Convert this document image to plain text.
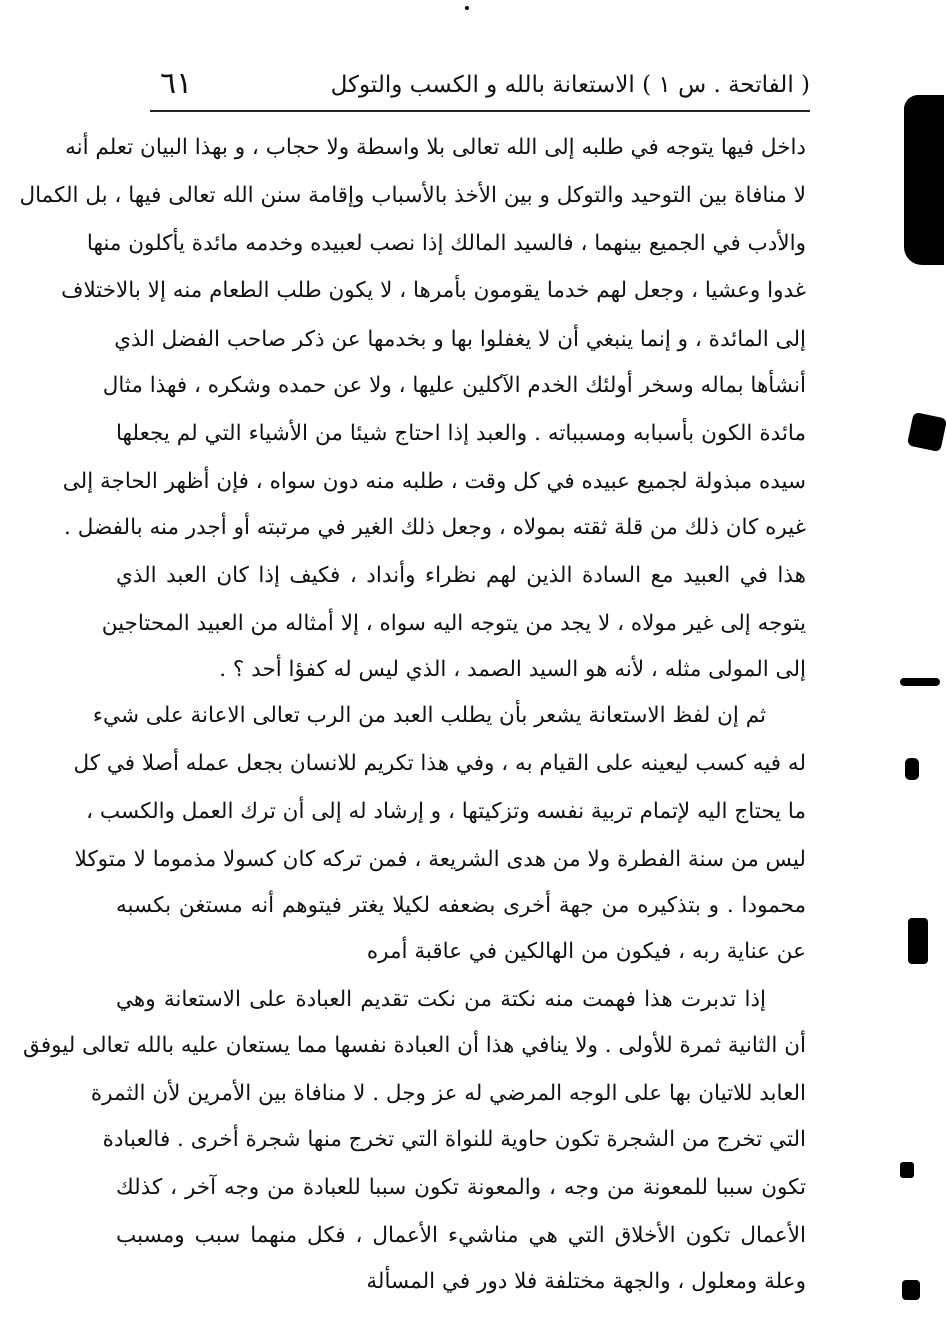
( الفاتحة . س ١ ) الاستعانة بالله و الكسب والتوكل
٦١
داخل فيها يتوجه في طلبه إلى الله تعالى بلا واسطة ولا حجاب ، و بهذا البيان تعلم أنه
لا منافاة بين التوحيد والتوكل و بين الأخذ بالأسباب وإقامة سنن الله تعالى فيها ، بل الكمال
والأدب في الجميع بينهما ، فالسيد المالك إذا نصب لعبيده وخدمه مائدة يأكلون منها
غدوا وعشيا ، وجعل لهم خدما يقومون بأمرها ، لا يكون طلب الطعام منه إلا بالاختلاف
إلى المائدة ، و إنما ينبغي أن لا يغفلوا بها و بخدمها عن ذكر صاحب الفضل الذي
أنشأها بماله وسخر أولئك الخدم الآكلين عليها ، ولا عن حمده وشكره ، فهذا مثال
مائدة الكون بأسبابه ومسبباته . والعبد إذا احتاج شيئا من الأشياء التي لم يجعلها
سيده مبذولة لجميع عبيده في كل وقت ، طلبه منه دون سواه ، فإن أظهر الحاجة إلى
غيره كان ذلك من قلة ثقته بمولاه ، وجعل ذلك الغير في مرتبته أو أجدر منه بالفضل .
هذا في العبيد مع السادة الذين لهم نظراء وأنداد ، فكيف إذا كان العبد الذي
يتوجه إلى غير مولاه ، لا يجد من يتوجه اليه سواه ، إلا أمثاله من العبيد المحتاجين
إلى المولى مثله ، لأنه هو السيد الصمد ، الذي ليس له كفؤا أحد ؟ .
ثم إن لفظ الاستعانة يشعر بأن يطلب العبد من الرب تعالى الاعانة على شيء
له فيه كسب ليعينه على القيام به ، وفي هذا تكريم للانسان بجعل عمله أصلا في كل
ما يحتاج اليه لإتمام تربية نفسه وتزكيتها ، و إرشاد له إلى أن ترك العمل والكسب ،
ليس من سنة الفطرة ولا من هدى الشريعة ، فمن تركه كان كسولا مذموما لا متوكلا
محمودا . و بتذكيره من جهة أخرى بضعفه لكيلا يغتر فيتوهم أنه مستغن بكسبه
عن عناية ربه ، فيكون من الهالكين في عاقبة أمره
إذا تدبرت هذا فهمت منه نكتة من نكت تقديم العبادة على الاستعانة وهي
أن الثانية ثمرة للأولى . ولا ينافي هذا أن العبادة نفسها مما يستعان عليه بالله تعالى ليوفق
العابد للاتيان بها على الوجه المرضي له عز وجل . لا منافاة بين الأمرين لأن الثمرة
التي تخرج من الشجرة تكون حاوية للنواة التي تخرج منها شجرة أخرى . فالعبادة
تكون سببا للمعونة من وجه ، والمعونة تكون سببا للعبادة من وجه آخر ، كذلك
الأعمال تكون الأخلاق التي هي مناشيء الأعمال ، فكل منهما سبب ومسبب
وعلة ومعلول ، والجهة مختلفة فلا دور في المسألة
